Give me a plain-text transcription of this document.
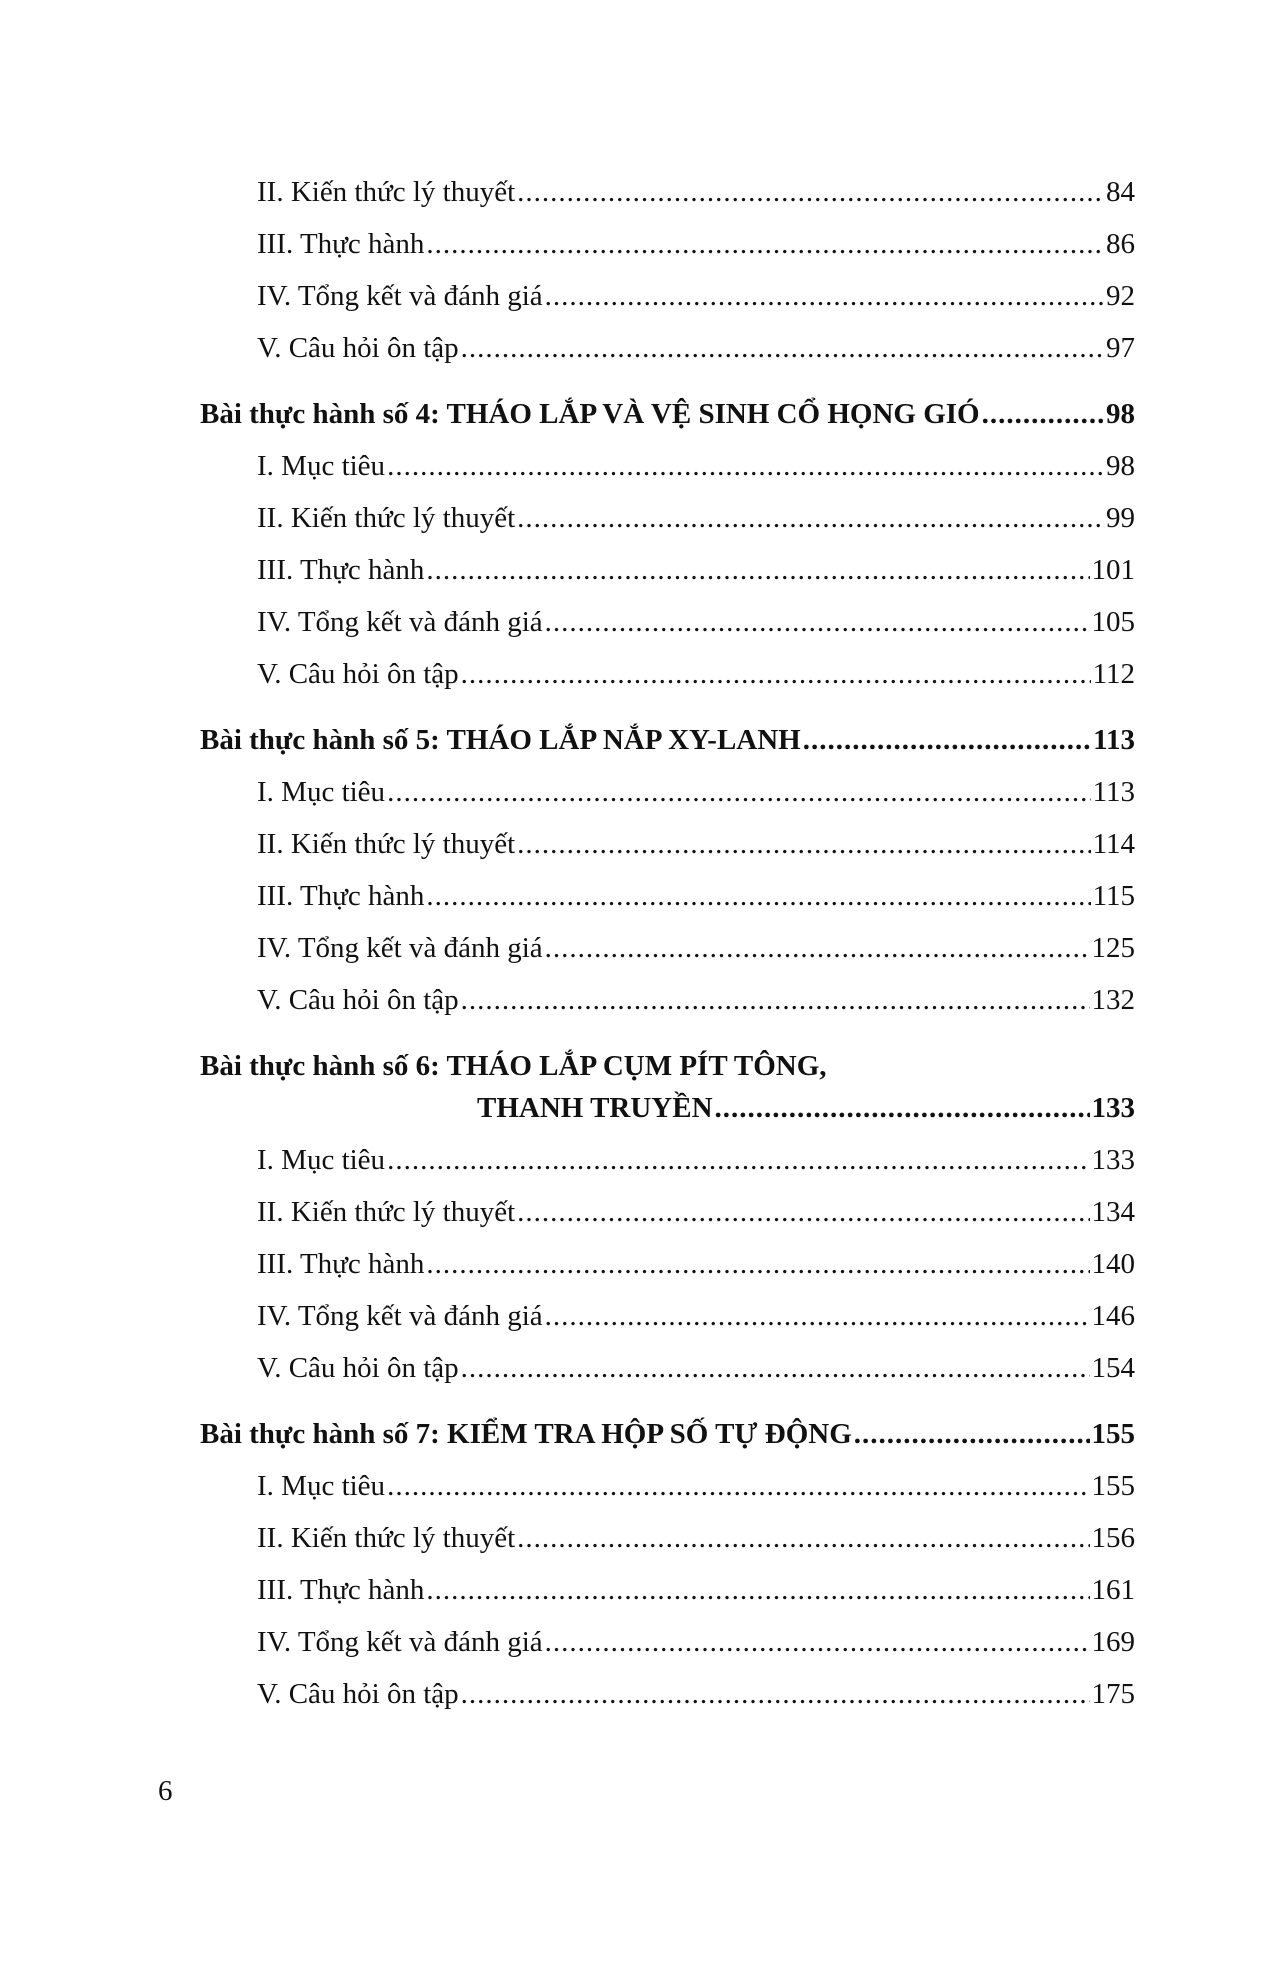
II. Kiến thức lý thuyết .....	84
III. Thực hành .....	86
IV. Tổng kết và đánh giá .....	92
V. Câu hỏi ôn tập .....	97
Bài thực hành số 4: THÁO LẮP VÀ VỆ SINH CỔ HỌNG GIÓ .....	98
I. Mục tiêu .....	98
II. Kiến thức lý thuyết .....	99
III. Thực hành .....	101
IV. Tổng kết và đánh giá .....	105
V. Câu hỏi ôn tập .....	112
Bài thực hành số 5: THÁO LẮP NẮP XY-LANH .....	113
I. Mục tiêu .....	113
II. Kiến thức lý thuyết .....	114
III. Thực hành .....	115
IV. Tổng kết và đánh giá .....	125
V. Câu hỏi ôn tập .....	132
Bài thực hành số 6: THÁO LẮP CỤM PÍT TÔNG,
THANH TRUYỀN .....	133
I. Mục tiêu .....	133
II. Kiến thức lý thuyết .....	134
III. Thực hành .....	140
IV. Tổng kết và đánh giá .....	146
V. Câu hỏi ôn tập .....	154
Bài thực hành số 7: KIỂM TRA HỘP SỐ TỰ ĐỘNG .....	155
I. Mục tiêu .....	155
II. Kiến thức lý thuyết .....	156
III. Thực hành .....	161
IV. Tổng kết và đánh giá .....	169
V. Câu hỏi ôn tập .....	175
6
